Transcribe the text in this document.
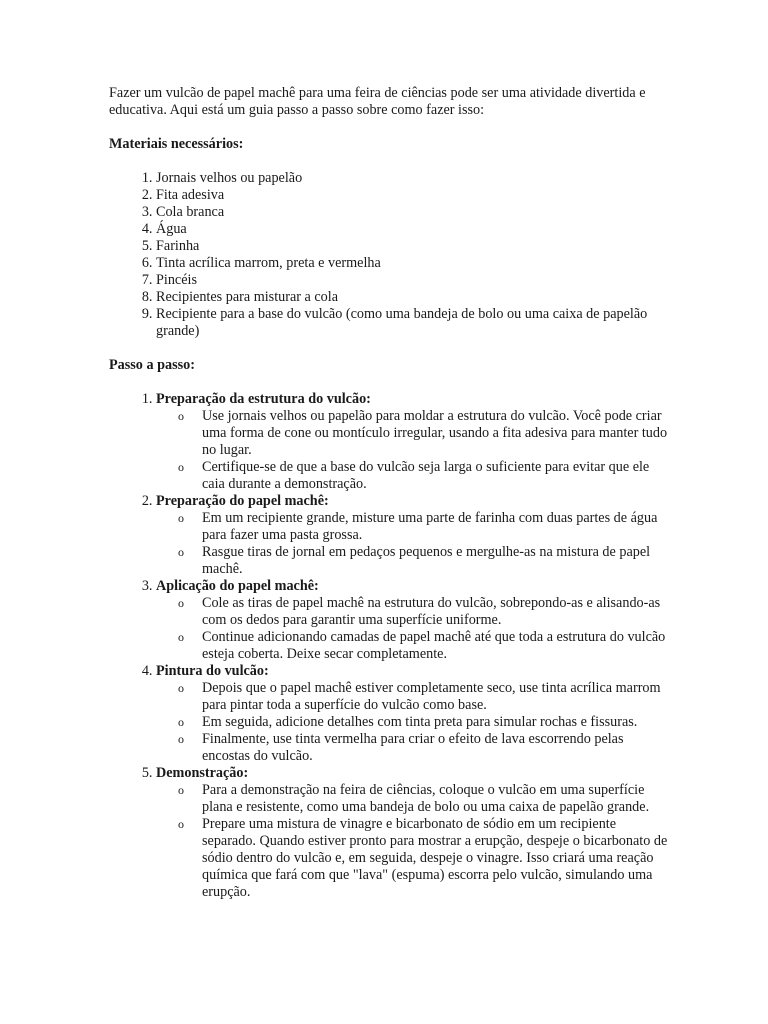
Fazer um vulcão de papel machê para uma feira de ciências pode ser uma atividade divertida e educativa. Aqui está um guia passo a passo sobre como fazer isso:

Materiais necessários:

1. Jornais velhos ou papelão
2. Fita adesiva
3. Cola branca
4. Água
5. Farinha
6. Tinta acrílica marrom, preta e vermelha
7. Pincéis
8. Recipientes para misturar a cola
9. Recipiente para a base do vulcão (como uma bandeja de bolo ou uma caixa de papelão grande)

Passo a passo:

1. Preparação da estrutura do vulcão:
o Use jornais velhos ou papelão para moldar a estrutura do vulcão. Você pode criar uma forma de cone ou montículo irregular, usando a fita adesiva para manter tudo no lugar.
o Certifique-se de que a base do vulcão seja larga o suficiente para evitar que ele caia durante a demonstração.
2. Preparação do papel machê:
o Em um recipiente grande, misture uma parte de farinha com duas partes de água para fazer uma pasta grossa.
o Rasgue tiras de jornal em pedaços pequenos e mergulhe-as na mistura de papel machê.
3. Aplicação do papel machê:
o Cole as tiras de papel machê na estrutura do vulcão, sobrepondo-as e alisando-as com os dedos para garantir uma superfície uniforme.
o Continue adicionando camadas de papel machê até que toda a estrutura do vulcão esteja coberta. Deixe secar completamente.
4. Pintura do vulcão:
o Depois que o papel machê estiver completamente seco, use tinta acrílica marrom para pintar toda a superfície do vulcão como base.
o Em seguida, adicione detalhes com tinta preta para simular rochas e fissuras.
o Finalmente, use tinta vermelha para criar o efeito de lava escorrendo pelas encostas do vulcão.
5. Demonstração:
o Para a demonstração na feira de ciências, coloque o vulcão em uma superfície plana e resistente, como uma bandeja de bolo ou uma caixa de papelão grande.
o Prepare uma mistura de vinagre e bicarbonato de sódio em um recipiente separado. Quando estiver pronto para mostrar a erupção, despeje o bicarbonato de sódio dentro do vulcão e, em seguida, despeje o vinagre. Isso criará uma reação química que fará com que "lava" (espuma) escorra pelo vulcão, simulando uma erupção.
